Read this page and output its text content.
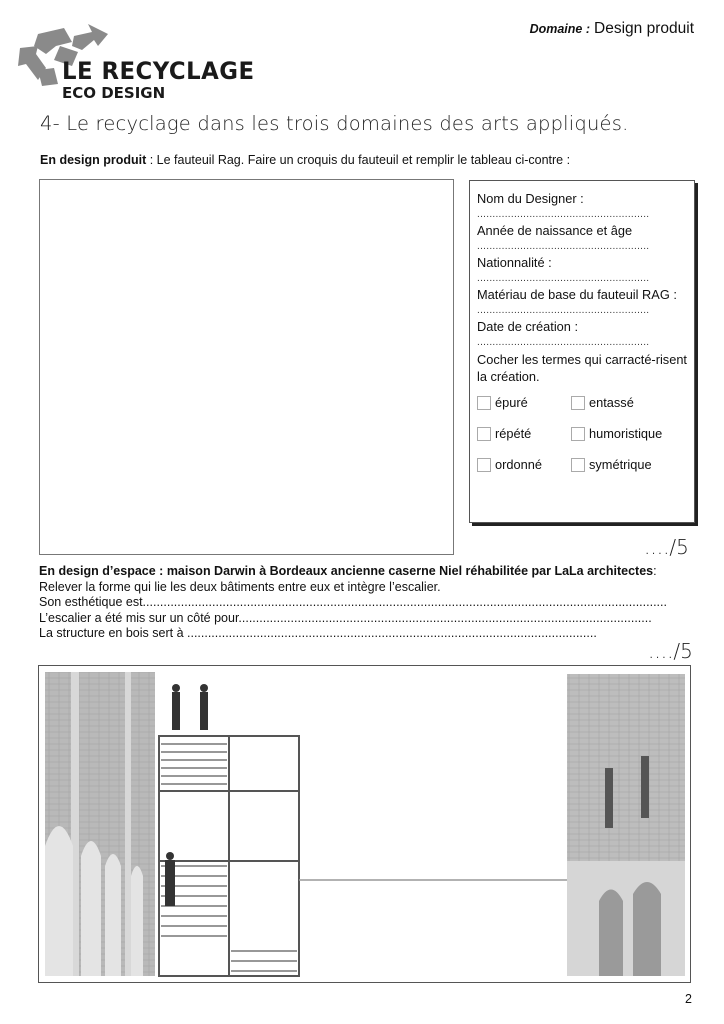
Domaine : Design produit
LE RECYCLAGE
ECO DESIGN
4- Le recyclage dans les trois domaines des arts appliqués.
En design produit : Le fauteuil Rag. Faire un croquis du fauteuil et remplir le tableau ci-contre :
Nom du Designer :
........................................................
Année de naissance et âge
........................................................
Nationnalité :
........................................................
Matériau de base du fauteuil RAG :
........................................................
Date de création :
........................................................
Cocher les termes qui carracté-risent la création.
épuré	entassé
répété	humoristique
ordonné	symétrique
..../5
En design d’espace : maison Darwin à Bordeaux ancienne caserne Niel réhabilitée par LaLa architectes:
Relever la forme qui lie les deux bâtiments entre eux et intègre l’escalier.
Son esthétique est.......................................................................................................................................................
L’escalier a été mis sur un côté pour.......................................................................................................................
La structure en bois sert à ......................................................................................................................
..../5
2
